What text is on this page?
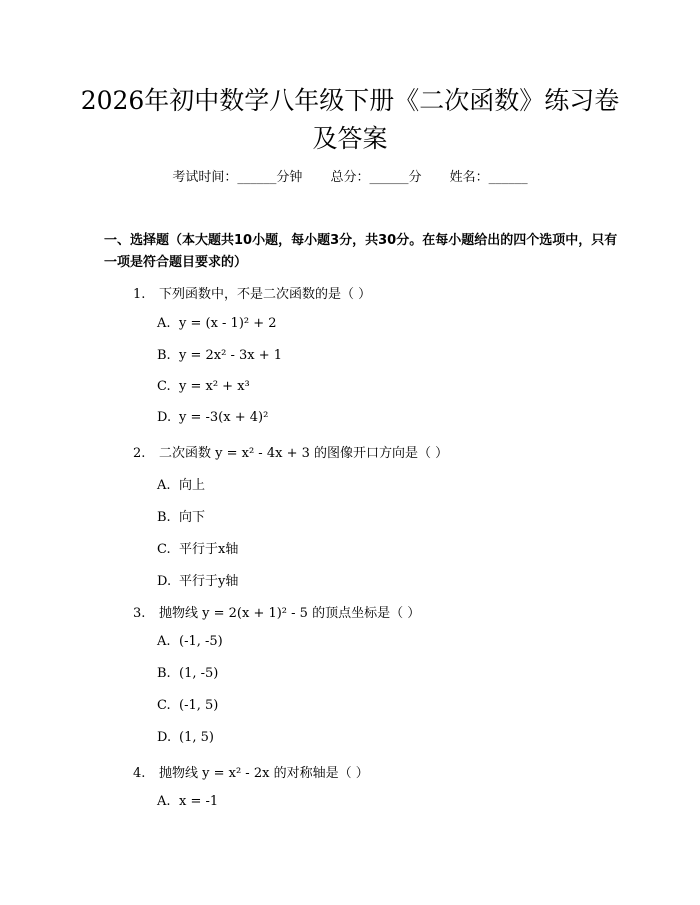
2026年初中数学八年级下册《二次函数》练习卷及答案
考试时间：______分钟 总分：______分 姓名：______
一、选择题（本大题共10小题，每小题3分，共30分。在每小题给出的四个选项中，只有一项是符合题目要求的）
1. 下列函数中，不是二次函数的是（ ）
A. y = (x - 1)² + 2
B. y = 2x² - 3x + 1
C. y = x² + x³
D. y = -3(x + 4)²
2. 二次函数 y = x² - 4x + 3 的图像开口方向是（ ）
A. 向上
B. 向下
C. 平行于x轴
D. 平行于y轴
3. 抛物线 y = 2(x + 1)² - 5 的顶点坐标是（ ）
A. (-1, -5)
B. (1, -5)
C. (-1, 5)
D. (1, 5)
4. 抛物线 y = x² - 2x 的对称轴是（ ）
A. x = -1
